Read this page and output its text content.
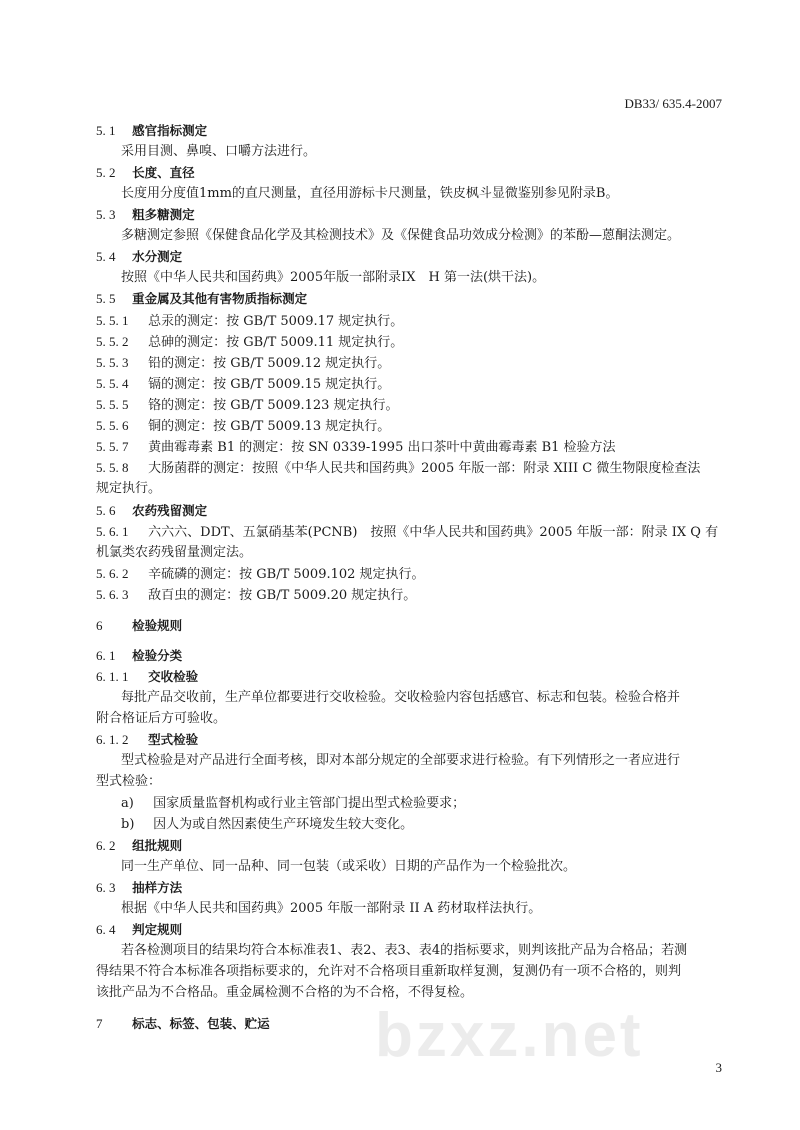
DB33/ 635.4-2007
5. 1 感官指标测定
采用目测、鼻嗅、口嚼方法进行。
5. 2 长度、直径
长度用分度值1mm的直尺测量，直径用游标卡尺测量，铁皮枫斗显微鉴别参见附录B。
5. 3 粗多糖测定
多糖测定参照《保健食品化学及其检测技术》及《保健食品功效成分检测》的苯酚—蒽酮法测定。
5. 4 水分测定
按照《中华人民共和国药典》2005年版一部附录IX　H 第一法(烘干法)。
5. 5 重金属及其他有害物质指标测定
5. 5. 1 总汞的测定：按 GB/T 5009.17 规定执行。
5. 5. 2 总砷的测定：按 GB/T 5009.11 规定执行。
5. 5. 3 铅的测定：按 GB/T 5009.12 规定执行。
5. 5. 4 镉的测定：按 GB/T 5009.15 规定执行。
5. 5. 5 铬的测定：按 GB/T 5009.123 规定执行。
5. 5. 6 铜的测定：按 GB/T 5009.13 规定执行。
5. 5. 7 黄曲霉毒素 B1 的测定：按 SN 0339-1995 出口茶叶中黄曲霉毒素 B1 检验方法
5. 5. 8 大肠菌群的测定：按照《中华人民共和国药典》2005 年版一部：附录 XIII C 微生物限度检查法
规定执行。
5. 6 农药残留测定
5. 6. 1 六六六、DDT、五氯硝基苯(PCNB)　按照《中华人民共和国药典》2005 年版一部：附录 IX Q 有
机氯类农药残留量测定法。
5. 6. 2 辛硫磷的测定：按 GB/T 5009.102 规定执行。
5. 6. 3 敌百虫的测定：按 GB/T 5009.20 规定执行。
6 检验规则
6. 1 检验分类
6. 1. 1 交收检验
每批产品交收前，生产单位都要进行交收检验。交收检验内容包括感官、标志和包装。检验合格并
附合格证后方可验收。
6. 1. 2 型式检验
型式检验是对产品进行全面考核，即对本部分规定的全部要求进行检验。有下列情形之一者应进行
型式检验：
a) 国家质量监督机构或行业主管部门提出型式检验要求；
b) 因人为或自然因素使生产环境发生较大变化。
6. 2 组批规则
同一生产单位、同一品种、同一包装（或采收）日期的产品作为一个检验批次。
6. 3 抽样方法
根据《中华人民共和国药典》2005 年版一部附录 II A 药材取样法执行。
6. 4 判定规则
若各检测项目的结果均符合本标准表1、表2、表3、表4的指标要求，则判该批产品为合格品；若测
得结果不符合本标准各项指标要求的，允许对不合格项目重新取样复测，复测仍有一项不合格的，则判
该批产品为不合格品。重金属检测不合格的为不合格，不得复检。
7 标志、标签、包装、贮运	bzxz.net	3
